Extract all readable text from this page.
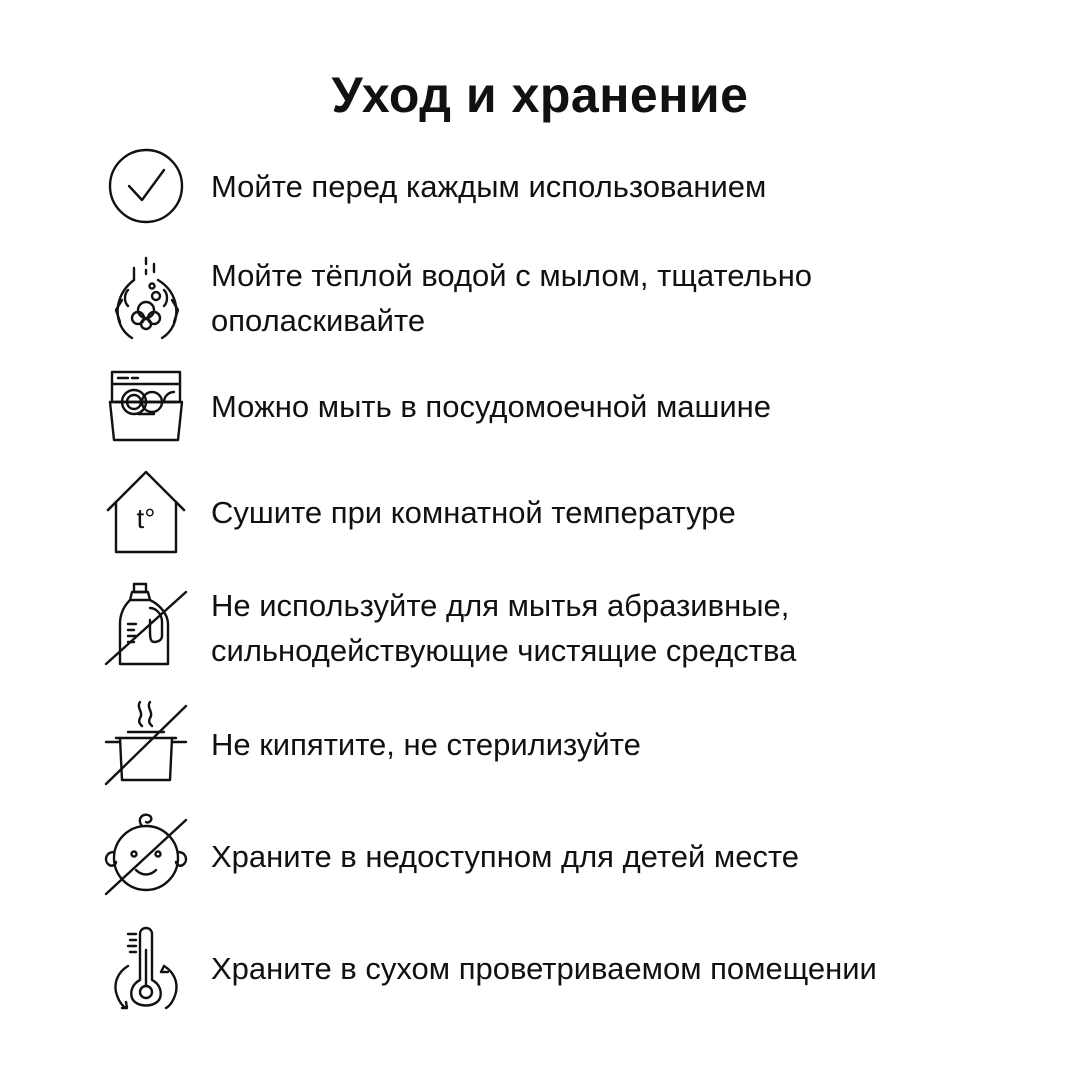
Уход и хранение
Мойте перед каждым использованием
Мойте тёплой водой с мылом, тщательно
ополаскивайте
Можно мыть в посудомоечной машине
t° Сушите при комнатной температуре
Не используйте для мытья абразивные,
сильнодействующие чистящие средства
Не кипятите, не стерилизуйте
Храните в недоступном для детей месте
Храните в сухом проветриваемом помещении
